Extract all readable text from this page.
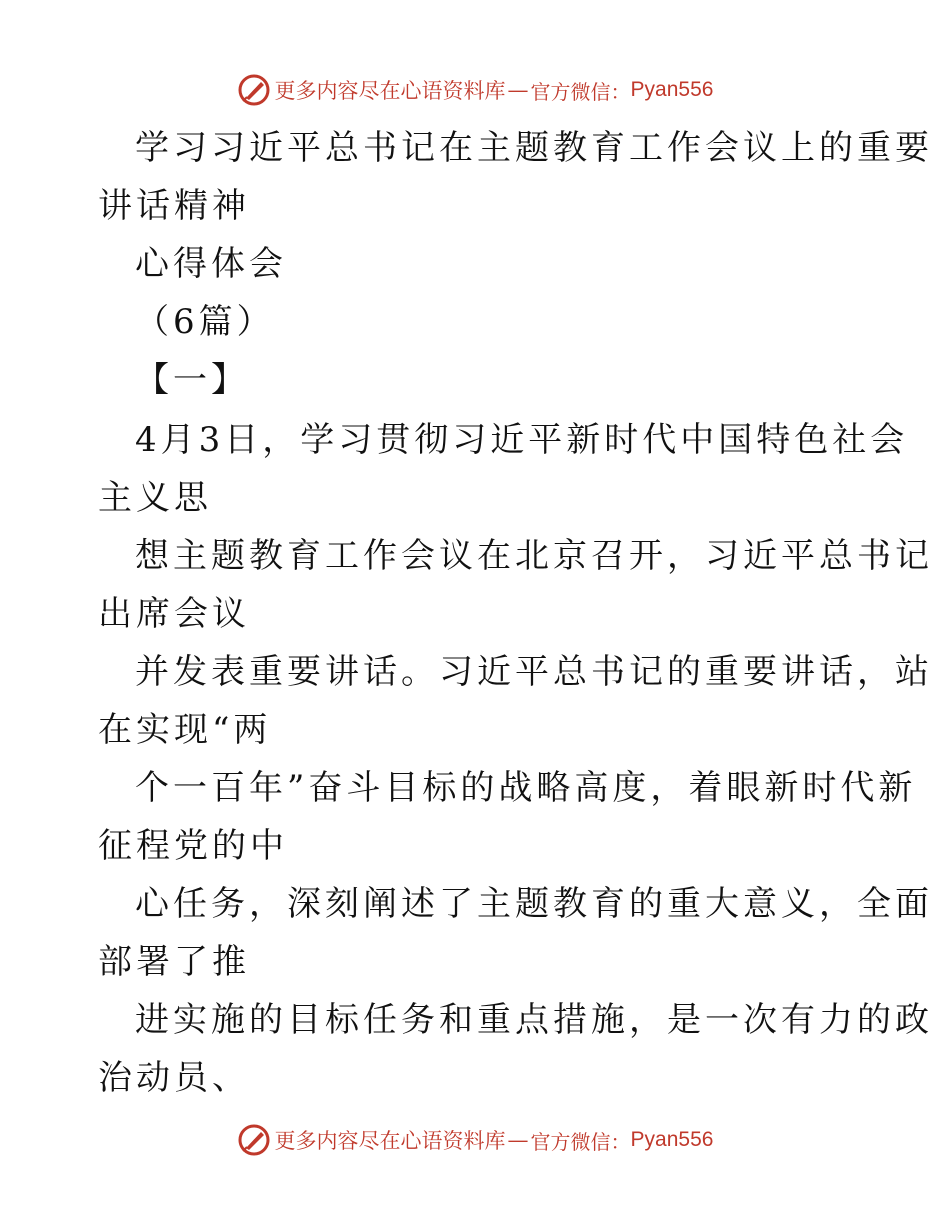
更多内容尽在心语资料库 — 官方微信： Pyan556
学习习近平总书记在主题教育工作会议上的重要
讲话精神
心得体会
（6篇）
【一】
4月3日，学习贯彻习近平新时代中国特色社会
主义思
想主题教育工作会议在北京召开，习近平总书记
出席会议
并发表重要讲话。习近平总书记的重要讲话，站
在实现“两
个一百年”奋斗目标的战略高度，着眼新时代新
征程党的中
心任务，深刻阐述了主题教育的重大意义，全面
部署了推
进实施的目标任务和重点措施，是一次有力的政
治动员、
更多内容尽在心语资料库 — 官方微信： Pyan556
